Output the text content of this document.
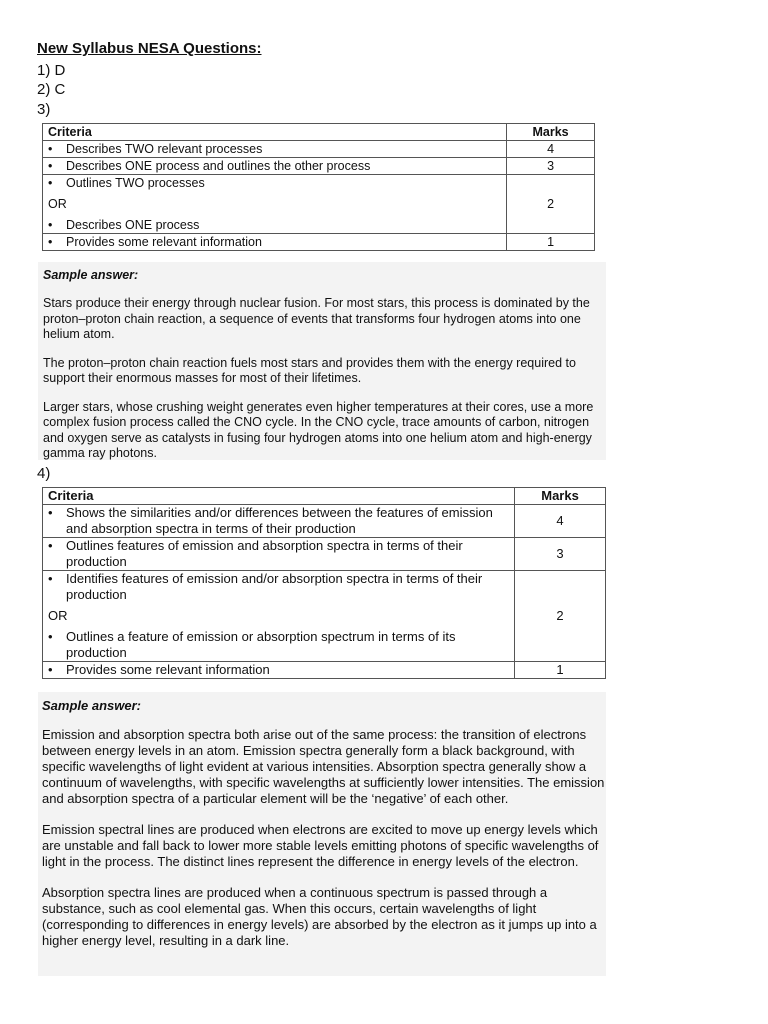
New Syllabus NESA Questions:
1) D
2) C
3)
Criteria	Marks

• Describes TWO relevant processes	4

• Describes ONE process and outlines the other process	3

• Outlines TWO processes
OR
• Describes ONE process	2

• Provides some relevant information	1
Sample answer:

Stars produce their energy through nuclear fusion. For most stars, this process is dominated by the proton–proton chain reaction, a sequence of events that transforms four hydrogen atoms into one helium atom.

The proton–proton chain reaction fuels most stars and provides them with the energy required to support their enormous masses for most of their lifetimes.

Larger stars, whose crushing weight generates even higher temperatures at their cores, use a more complex fusion process called the CNO cycle. In the CNO cycle, trace amounts of carbon, nitrogen and oxygen serve as catalysts in fusing four hydrogen atoms into one helium atom and high-energy gamma ray photons.

4)
Criteria	Marks

• Shows the similarities and/or differences between the features of emission and absorption spectra in terms of their production	4

• Outlines features of emission and absorption spectra in terms of their production	3

• Identifies features of emission and/or absorption spectra in terms of their production
OR
• Outlines a feature of emission or absorption spectrum in terms of its production	2

• Provides some relevant information	1
Sample answer:

Emission and absorption spectra both arise out of the same process: the transition of electrons between energy levels in an atom. Emission spectra generally form a black background, with specific wavelengths of light evident at various intensities. Absorption spectra generally show a continuum of wavelengths, with specific wavelengths at sufficiently lower intensities. The emission and absorption spectra of a particular element will be the ‘negative’ of each other.

Emission spectral lines are produced when electrons are excited to move up energy levels which are unstable and fall back to lower more stable levels emitting photons of specific wavelengths of light in the process. The distinct lines represent the difference in energy levels of the electron.

Absorption spectra lines are produced when a continuous spectrum is passed through a substance, such as cool elemental gas. When this occurs, certain wavelengths of light (corresponding to differences in energy levels) are absorbed by the electron as it jumps up into a higher energy level, resulting in a dark line.
